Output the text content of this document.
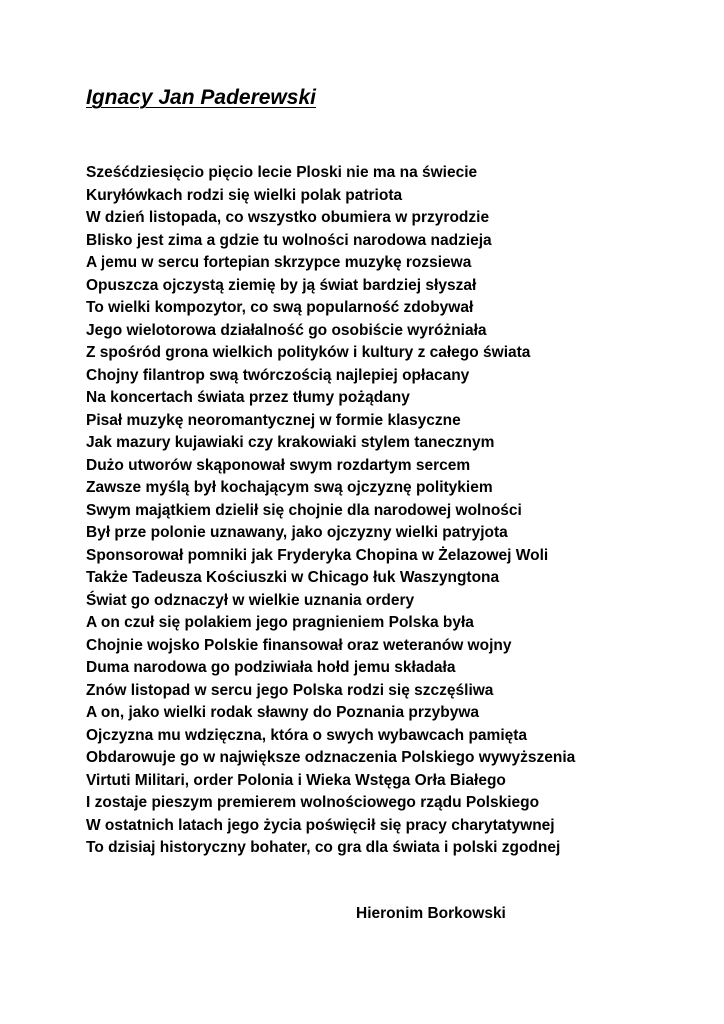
Ignacy Jan Paderewski
Sześćdziesięcio pięcio lecie Ploski nie ma na świecie
Kuryłówkach rodzi się wielki polak patriota
W dzień listopada, co wszystko obumiera w przyrodzie
Blisko jest zima a gdzie tu wolności narodowa nadzieja
A jemu w sercu fortepian skrzypce muzykę rozsiewa
Opuszcza ojczystą ziemię by ją świat bardziej słyszał
To wielki kompozytor, co swą popularność zdobywał
Jego wielotorowa działalność go osobiście wyróżniała
Z spośród grona wielkich polityków i kultury z całego świata
Chojny filantrop swą twórczością najlepiej opłacany
Na koncertach świata przez tłumy pożądany
Pisał muzykę neoromantycznej w formie klasyczne
Jak mazury kujawiaki czy krakowiaki stylem tanecznym
Dużo utworów skąponował swym rozdartym sercem
Zawsze myślą był kochającym swą ojczyznę politykiem
Swym majątkiem dzielił się chojnie dla narodowej wolności
Był prze polonie uznawany, jako ojczyzny wielki patryjota
Sponsorował pomniki jak Fryderyka Chopina w Żelazowej Woli
Także Tadeusza Kościuszki w Chicago łuk Waszyngtona
Świat go odznaczył w wielkie uznania ordery
A on czuł się polakiem jego pragnieniem Polska była
Chojnie wojsko Polskie finansował oraz weteranów wojny
Duma narodowa go podziwiała hołd jemu składała
Znów listopad w sercu jego Polska rodzi się szczęśliwa
A on, jako wielki rodak sławny do Poznania przybywa
Ojczyzna mu wdzięczna, która o swych wybawcach pamięta
Obdarowuje go w największe odznaczenia Polskiego wywyższenia
Virtuti Militari, order Polonia i Wieka Wstęga Orła Białego
I zostaje pieszym premierem wolnościowego rządu Polskiego
W ostatnich latach jego życia poświęcił się pracy charytatywnej
To dzisiaj historyczny bohater, co gra dla świata i polski zgodnej

Hieronim Borkowski
